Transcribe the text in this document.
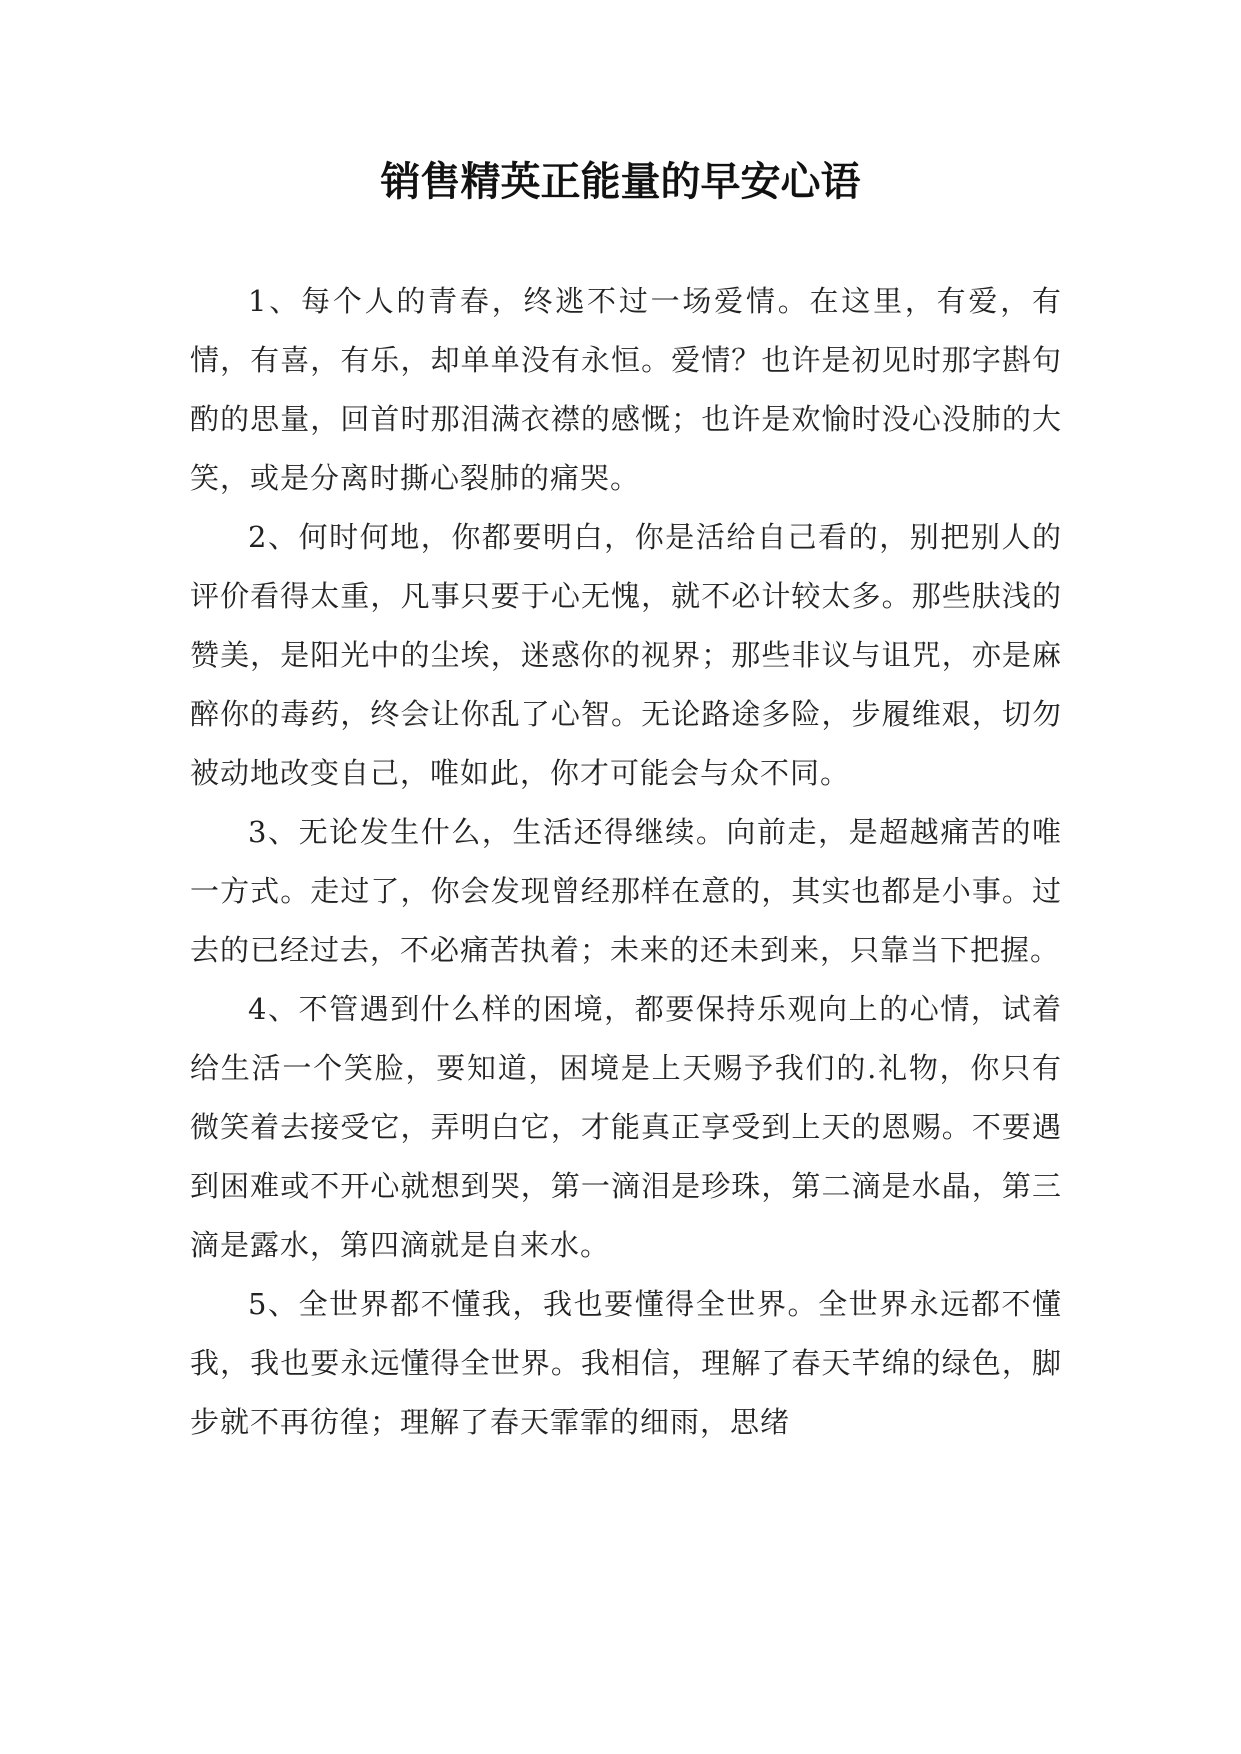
销售精英正能量的早安心语

1、每个人的青春，终逃不过一场爱情。在这里，有爱，有情，有喜，有乐，却单单没有永恒。爱情？也许是初见时那字斟句酌的思量，回首时那泪满衣襟的感慨；也许是欢愉时没心没肺的大笑，或是分离时撕心裂肺的痛哭。

2、何时何地，你都要明白，你是活给自己看的，别把别人的评价看得太重，凡事只要于心无愧，就不必计较太多。那些肤浅的赞美，是阳光中的尘埃，迷惑你的视界；那些非议与诅咒，亦是麻醉你的毒药，终会让你乱了心智。无论路途多险，步履维艰，切勿被动地改变自己，唯如此，你才可能会与众不同。

3、无论发生什么，生活还得继续。向前走，是超越痛苦的唯一方式。走过了，你会发现曾经那样在意的，其实也都是小事。过去的已经过去，不必痛苦执着；未来的还未到来，只靠当下把握。

4、不管遇到什么样的困境，都要保持乐观向上的心情，试着给生活一个笑脸，要知道，困境是上天赐予我们的.礼物，你只有微笑着去接受它，弄明白它，才能真正享受到上天的恩赐。不要遇到困难或不开心就想到哭，第一滴泪是珍珠，第二滴是水晶，第三滴是露水，第四滴就是自来水。

5、全世界都不懂我，我也要懂得全世界。全世界永远都不懂我，我也要永远懂得全世界。我相信，理解了春天芊绵的绿色，脚步就不再彷徨；理解了春天霏霏的细雨，思绪
